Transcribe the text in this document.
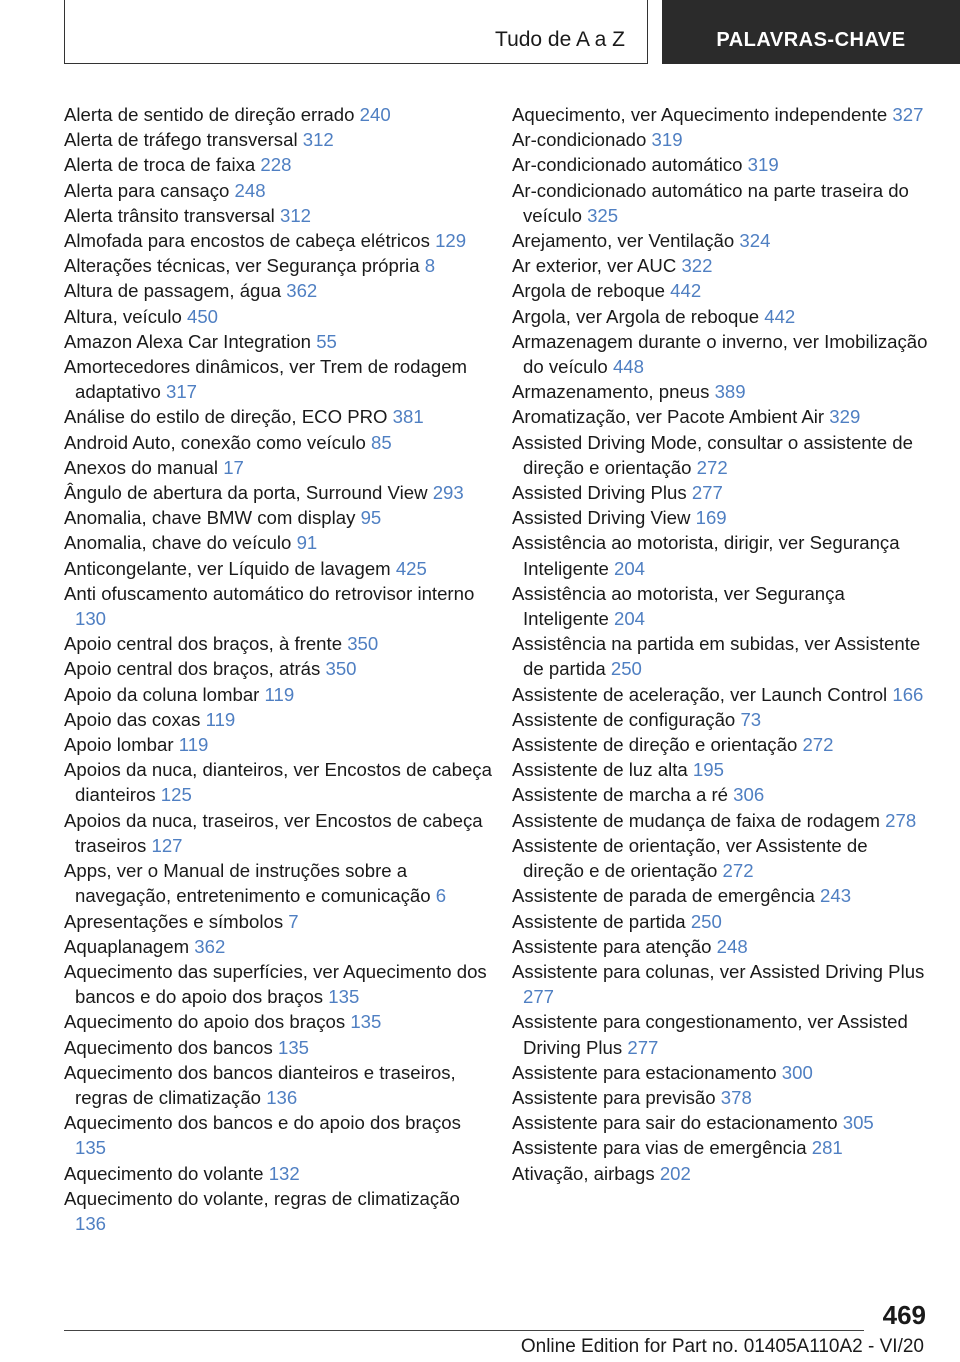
Tudo de A a Z	PALAVRAS-CHAVE
Alerta de sentido de direção errado 240
Alerta de tráfego transversal 312
Alerta de troca de faixa 228
Alerta para cansaço 248
Alerta trânsito transversal 312
Almofada para encostos de cabeça elétricos 129
Alterações técnicas, ver Segurança própria 8
Altura de passagem, água 362
Altura, veículo 450
Amazon Alexa Car Integration 55
Amortecedores dinâmicos, ver Trem de rodagem adaptativo 317
Análise do estilo de direção, ECO PRO 381
Android Auto, conexão como veículo 85
Anexos do manual 17
Ângulo de abertura da porta, Surround View 293
Anomalia, chave BMW com display 95
Anomalia, chave do veículo 91
Anticongelante, ver Líquido de lavagem 425
Anti ofuscamento automático do retrovisor interno 130
Apoio central dos braços, à frente 350
Apoio central dos braços, atrás 350
Apoio da coluna lombar 119
Apoio das coxas 119
Apoio lombar 119
Apoios da nuca, dianteiros, ver Encostos de cabeça dianteiros 125
Apoios da nuca, traseiros, ver Encostos de cabeça traseiros 127
Apps, ver o Manual de instruções sobre a navegação, entretenimento e comunicação 6
Apresentações e símbolos 7
Aquaplanagem 362
Aquecimento das superfícies, ver Aquecimento dos bancos e do apoio dos braços 135
Aquecimento do apoio dos braços 135
Aquecimento dos bancos 135
Aquecimento dos bancos dianteiros e traseiros, regras de climatização 136
Aquecimento dos bancos e do apoio dos braços 135
Aquecimento do volante 132
Aquecimento do volante, regras de climatização 136
Aquecimento, ver Aquecimento independente 327
Ar-condicionado 319
Ar-condicionado automático 319
Ar-condicionado automático na parte traseira do veículo 325
Arejamento, ver Ventilação 324
Ar exterior, ver AUC 322
Argola de reboque 442
Argola, ver Argola de reboque 442
Armazenagem durante o inverno, ver Imobilização do veículo 448
Armazenamento, pneus 389
Aromatização, ver Pacote Ambient Air 329
Assisted Driving Mode, consultar o assistente de direção e orientação 272
Assisted Driving Plus 277
Assisted Driving View 169
Assistência ao motorista, dirigir, ver Segurança Inteligente 204
Assistência ao motorista, ver Segurança Inteligente 204
Assistência na partida em subidas, ver Assistente de partida 250
Assistente de aceleração, ver Launch Control 166
Assistente de configuração 73
Assistente de direção e orientação 272
Assistente de luz alta 195
Assistente de marcha a ré 306
Assistente de mudança de faixa de rodagem 278
Assistente de orientação, ver Assistente de direção e de orientação 272
Assistente de parada de emergência 243
Assistente de partida 250
Assistente para atenção 248
Assistente para colunas, ver Assisted Driving Plus 277
Assistente para congestionamento, ver Assisted Driving Plus 277
Assistente para estacionamento 300
Assistente para previsão 378
Assistente para sair do estacionamento 305
Assistente para vias de emergência 281
Ativação, airbags 202
469
Online Edition for Part no. 01405A110A2 - VI/20
